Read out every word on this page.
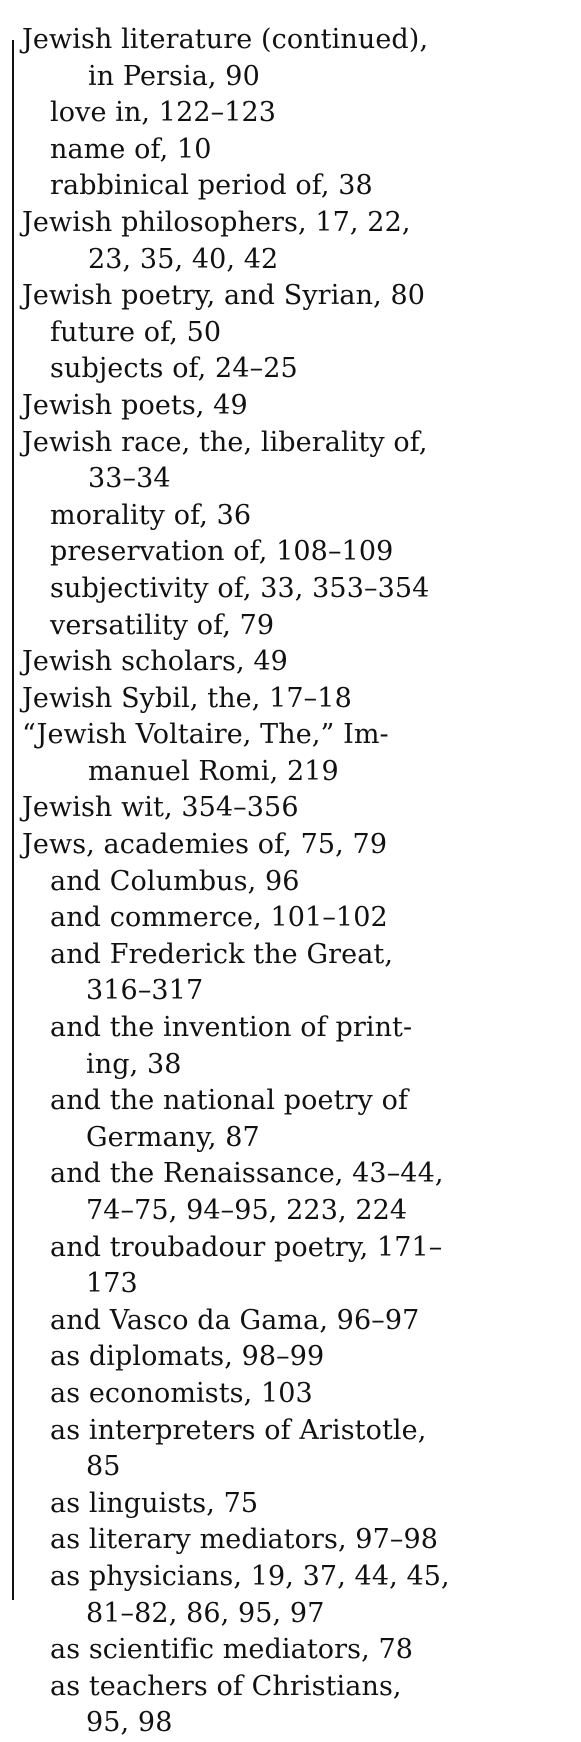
Jewish literature (continued),
in Persia, 90
love in, 122–123
name of, 10
rabbinical period of, 38
Jewish philosophers, 17, 22,
23, 35, 40, 42
Jewish poetry, and Syrian, 80
future of, 50
subjects of, 24–25
Jewish poets, 49
Jewish race, the, liberality of,
33–34
morality of, 36
preservation of, 108–109
subjectivity of, 33, 353–354
versatility of, 79
Jewish scholars, 49
Jewish Sybil, the, 17–18
“Jewish Voltaire, The,” Im-
manuel Romi, 219
Jewish wit, 354–356
Jews, academies of, 75, 79
and Columbus, 96
and commerce, 101–102
and Frederick the Great,
316–317
and the invention of print-
ing, 38
and the national poetry of
Germany, 87
and the Renaissance, 43–44,
74–75, 94–95, 223, 224
and troubadour poetry, 171–
173
and Vasco da Gama, 96–97
as diplomats, 98–99
as economists, 103
as interpreters of Aristotle,
85
as linguists, 75
as literary mediators, 97–98
as physicians, 19, 37, 44, 45,
81–82, 86, 95, 97
as scientific mediators, 78
as teachers of Christians,
95, 98
